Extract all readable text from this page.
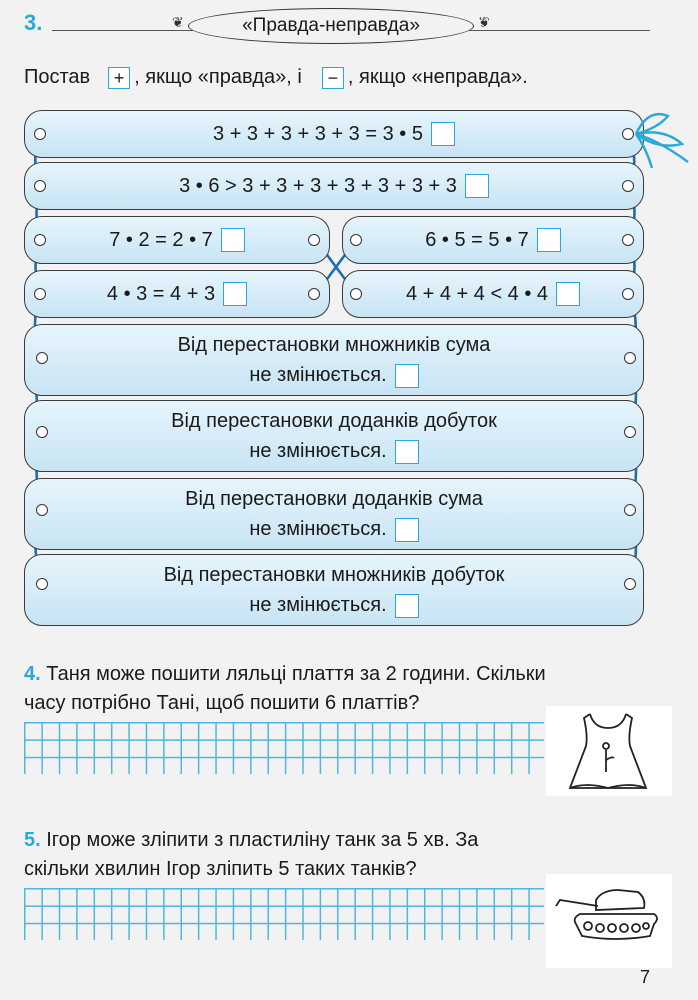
3.	❦	«Правда-неправда»	❦
Постав	+ , якщо «правда», і	− , якщо «неправда».
3 + 3 + 3 + 3 + 3 = 3 • 5
3 • 6 > 3 + 3 + 3 + 3 + 3 + 3 + 3
7 • 2 = 2 • 7	6 • 5 = 5 • 7
4 • 3 = 4 + 3	4 + 4 + 4 < 4 • 4
Від перестановки множників сума
не змінюється.
Від перестановки доданків добуток
не змінюється.
Від перестановки доданків сума
не змінюється.
Від перестановки множників добуток
не змінюється.
4. Таня може пошити ляльці плаття за 2 години. Скільки
часу потрібно Тані, щоб пошити 6 платтів?
5. Ігор може зліпити з пластиліну танк за 5 хв. За
скільки хвилин Ігор зліпить 5 таких танків?
7
